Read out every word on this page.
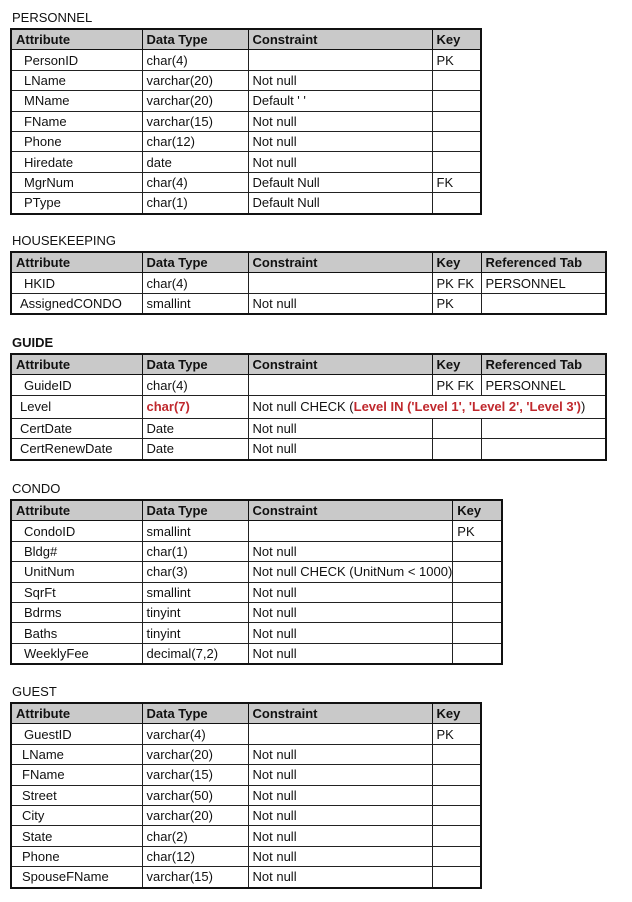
PERSONNEL
Attribute	Data Type	Constraint	Key
PersonID	char(4)		PK
LName	varchar(20)	Not null	
MName	varchar(20)	Default ' '	
FName	varchar(15)	Not null	
Phone	char(12)	Not null	
Hiredate	date	Not null	
MgrNum	char(4)	Default Null	FK
PType	char(1)	Default Null	
HOUSEKEEPING
Attribute	Data Type	Constraint	Key	Referenced Tab
HKID	char(4)		PK FK	PERSONNEL
AssignedCONDO	smallint	Not null	PK	
GUIDE
Attribute	Data Type	Constraint	Key	Referenced Tab
GuideID	char(4)		PK FK	PERSONNEL
Level	char(7)	Not null CHECK (Level IN ('Level 1', 'Level 2', 'Level 3'))		
CertDate	Date	Not null		
CertRenewDate	Date	Not null		
CONDO
Attribute	Data Type	Constraint	Key
CondoID	smallint		PK
Bldg#	char(1)	Not null	
UnitNum	char(3)	Not null CHECK (UnitNum < 1000)	
SqrFt	smallint	Not null	
Bdrms	tinyint	Not null	
Baths	tinyint	Not null	
WeeklyFee	decimal(7,2)	Not null	
GUEST
Attribute	Data Type	Constraint	Key
GuestID	varchar(4)		PK
LName	varchar(20)	Not null	
FName	varchar(15)	Not null	
Street	varchar(50)	Not null	
City	varchar(20)	Not null	
State	char(2)	Not null	
Phone	char(12)	Not null	
SpouseFName	varchar(15)	Not null	
